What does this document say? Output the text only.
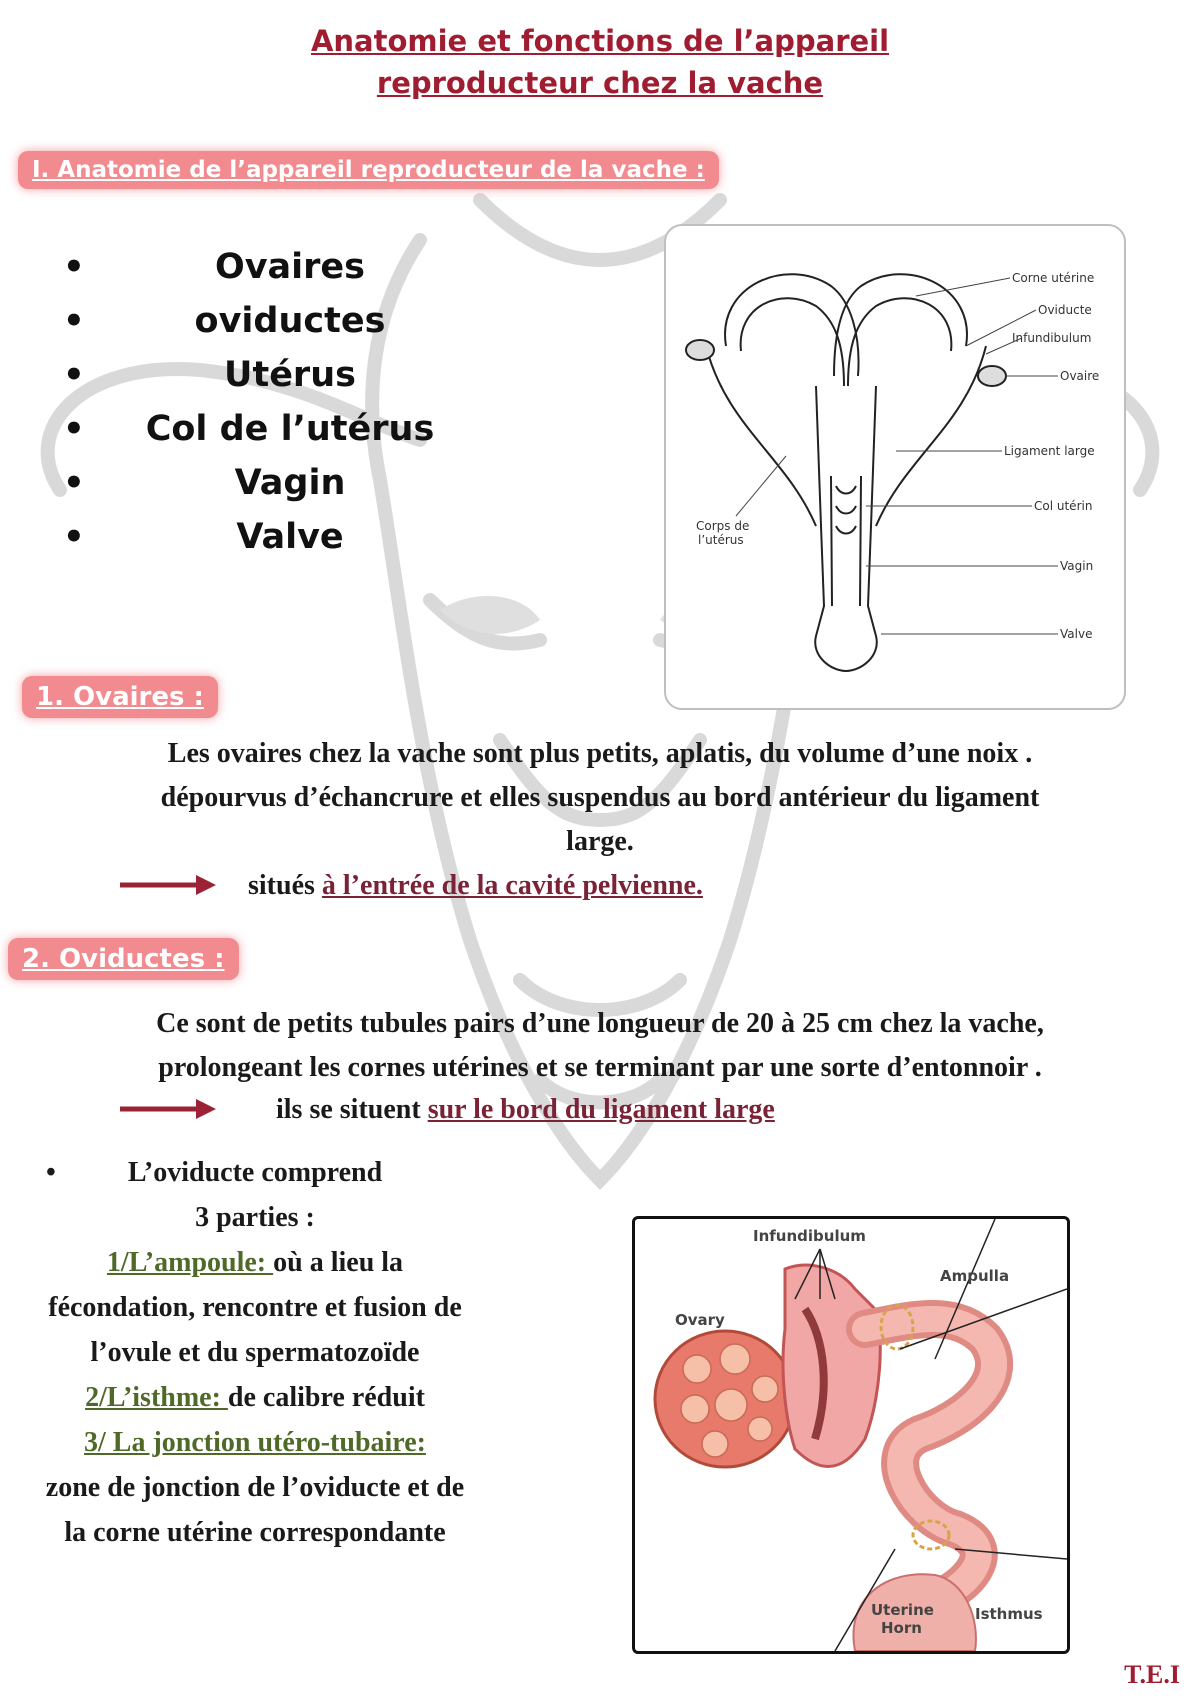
Anatomie et fonctions de l’appareil
reproducteur chez la vache
I. Anatomie de l’appareil reproducteur de la vache :
• Ovaires
• oviductes
• Utérus
• Col de l’utérus
• Vagin
• Valve
Corne utérine
Oviducte
Infundibulum
Ovaire
Ligament large
Col utérin
Vagin
Valve
Corps de
l’utérus
1. Ovaires :
Les ovaires chez la vache sont plus petits, aplatis, du volume d’une noix .
dépourvus d’échancrure et elles suspendus au bord antérieur du ligament
large.
situés à l’entrée de la cavité pelvienne.
2. Oviductes :
Ce sont de petits tubules pairs d’une longueur de 20 à 25 cm chez la vache,
prolongeant les cornes utérines et se terminant par une sorte d’entonnoir .
ils se situent sur le bord du ligament large
•	L’oviducte comprend
3 parties :
1/L’ampoule: où a lieu la fécondation, rencontre et fusion de l’ovule et du spermatozoïde
2/L’isthme: de calibre réduit
3/ La jonction utéro-tubaire:
zone de jonction de l’oviducte et de la corne utérine correspondante
Infundibulum
Ampulla
Ovary
Uterine
Horn
Isthmus
T.E.I
